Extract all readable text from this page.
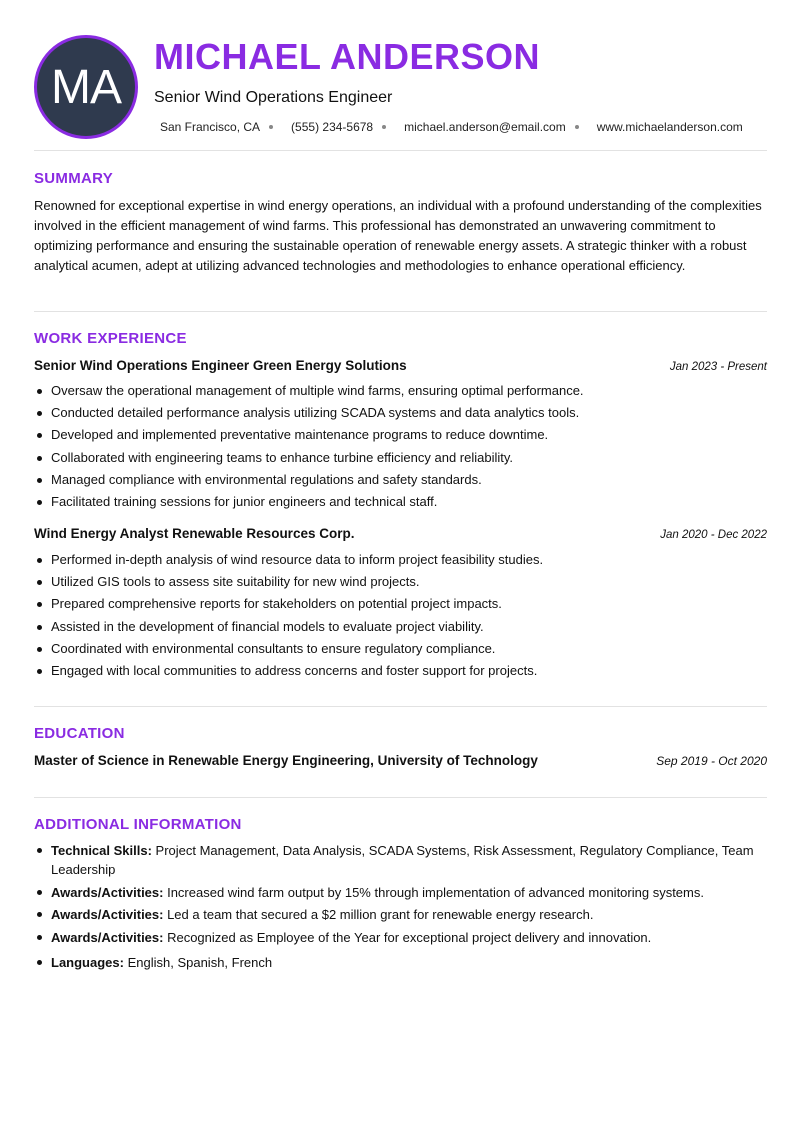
MA
MICHAEL ANDERSON
Senior Wind Operations Engineer
San Francisco, CA	(555) 234-5678	michael.anderson@email.com	www.michaelanderson.com
SUMMARY
Renowned for exceptional expertise in wind energy operations, an individual with a profound understanding of the complexities involved in the efficient management of wind farms. This professional has demonstrated an unwavering commitment to optimizing performance and ensuring the sustainable operation of renewable energy assets. A strategic thinker with a robust analytical acumen, adept at utilizing advanced technologies and methodologies to enhance operational efficiency.
WORK EXPERIENCE
Senior Wind Operations Engineer Green Energy Solutions	Jan 2023 - Present
Oversaw the operational management of multiple wind farms, ensuring optimal performance.
Conducted detailed performance analysis utilizing SCADA systems and data analytics tools.
Developed and implemented preventative maintenance programs to reduce downtime.
Collaborated with engineering teams to enhance turbine efficiency and reliability.
Managed compliance with environmental regulations and safety standards.
Facilitated training sessions for junior engineers and technical staff.
Wind Energy Analyst Renewable Resources Corp.	Jan 2020 - Dec 2022
Performed in-depth analysis of wind resource data to inform project feasibility studies.
Utilized GIS tools to assess site suitability for new wind projects.
Prepared comprehensive reports for stakeholders on potential project impacts.
Assisted in the development of financial models to evaluate project viability.
Coordinated with environmental consultants to ensure regulatory compliance.
Engaged with local communities to address concerns and foster support for projects.
EDUCATION
Master of Science in Renewable Energy Engineering, University of Technology	Sep 2019 - Oct 2020
ADDITIONAL INFORMATION
Technical Skills: Project Management, Data Analysis, SCADA Systems, Risk Assessment, Regulatory Compliance, Team Leadership
Awards/Activities: Increased wind farm output by 15% through implementation of advanced monitoring systems.
Awards/Activities: Led a team that secured a $2 million grant for renewable energy research.
Awards/Activities: Recognized as Employee of the Year for exceptional project delivery and innovation.
Languages: English, Spanish, French
